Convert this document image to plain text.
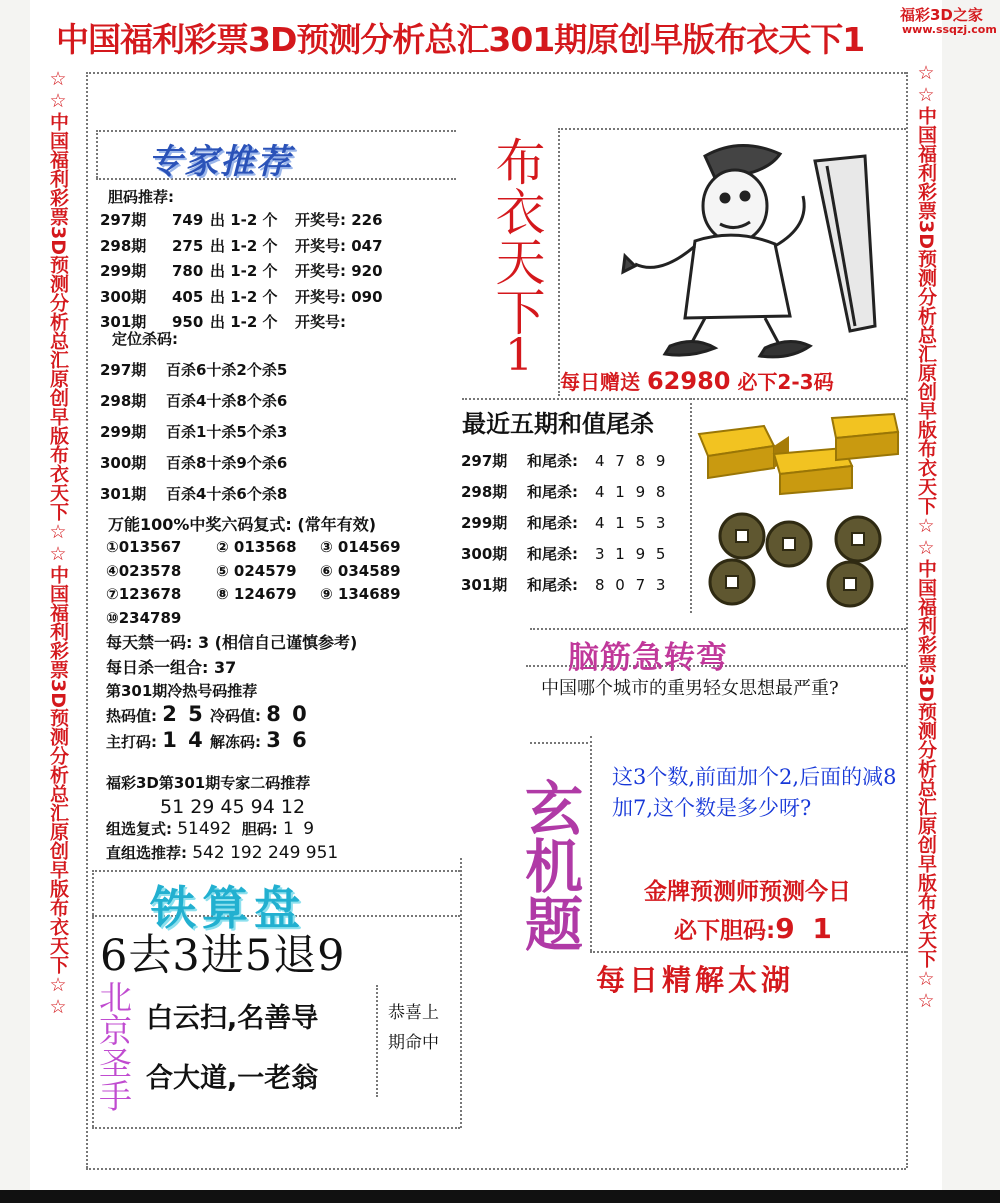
中国福利彩票3D预测分析总汇301期原创早版布衣天下1
福彩3D之家
www.ssqzj.com
☆☆中国福利彩票3D预测分析总汇原创早版布衣天下☆☆中国福利彩票3D预测分析总汇原创早版布衣天下☆☆	☆☆中国福利彩票3D预测分析总汇原创早版布衣天下☆☆中国福利彩票3D预测分析总汇原创早版布衣天下☆☆
专家推荐
胆码推荐:
297期 749 出 1-2 个 开奖号: 226
298期 275 出 1-2 个 开奖号: 047
299期 780 出 1-2 个 开奖号: 920
300期 405 出 1-2 个 开奖号: 090
301期 950 出 1-2 个 开奖号:
定位杀码:
297期 百杀6十杀2个杀5
298期 百杀4十杀8个杀6
299期 百杀1十杀5个杀3
300期 百杀8十杀9个杀6
301期 百杀4十杀6个杀8
万能100%中奖六码复式: (常年有效)
①013567 ② 013568 ③ 014569
④023578 ⑤ 024579 ⑥ 034589
⑦123678 ⑧ 124679 ⑨ 134689
⑩234789
每天禁一码: 3 (相信自己谨慎参考)
每日杀一组合: 37
第301期冷热号码推荐
热码值: 2 5 冷码值: 8 0
主打码: 1 4 解冻码: 3 6
福彩3D第301期专家二码推荐
51 29 45 94 12
组选复式: 51492 胆码: 1 9
直组选推荐: 542 192 249 951
布衣天下
1
每日赠送 62980 必下2-3码
最近五期和值尾杀
297期 和尾杀: 4 7 8 9
298期 和尾杀: 4 1 9 8
299期 和尾杀: 4 1 5 3
300期 和尾杀: 3 1 9 5
301期 和尾杀: 8 0 7 3
脑筋急转弯
中国哪个城市的重男轻女思想最严重?
玄机题
这3个数,前面加个2,后面的减8加7,这个数是多少呀?
金牌预测师预测今日
必下胆码:9 1
每日精解太湖
铁算盘
6去3进5退9
北京圣手 白云扫,名善导
合大道,一老翁
恭喜上期命中
